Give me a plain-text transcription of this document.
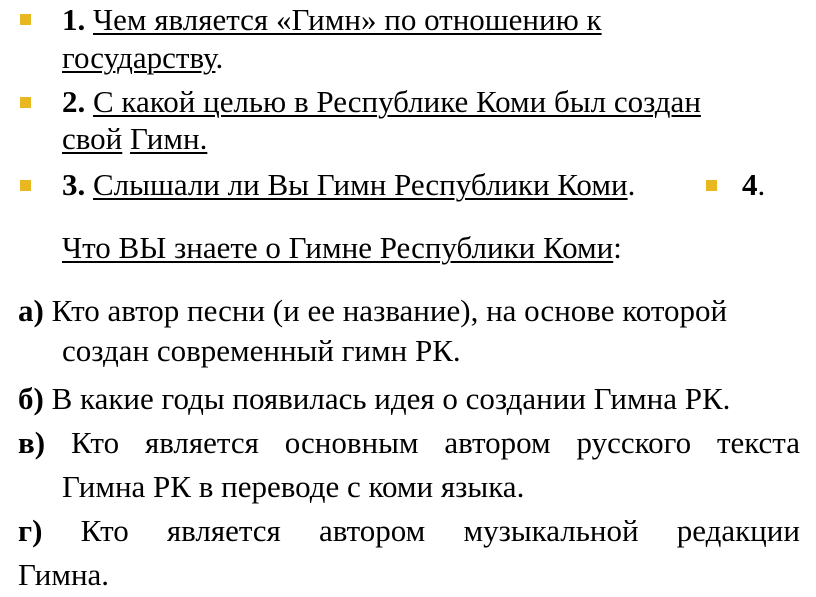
1. Чем является «Гимн» по отношению к
государству.
2. С какой целью в Республике Коми был создан
свой Гимн.
3. Слышали ли Вы Гимн Республики Коми.	4.
Что ВЫ знаете о Гимне Республики Коми:
а) Кто автор песни (и ее название), на основе которой
создан современный гимн РК.
б) В какие годы появилась идея о создании Гимна РК.
в) Кто является основным автором русского текста
Гимна РК в переводе с коми языка.
г) Кто является автором музыкальной редакции
Гимна.
